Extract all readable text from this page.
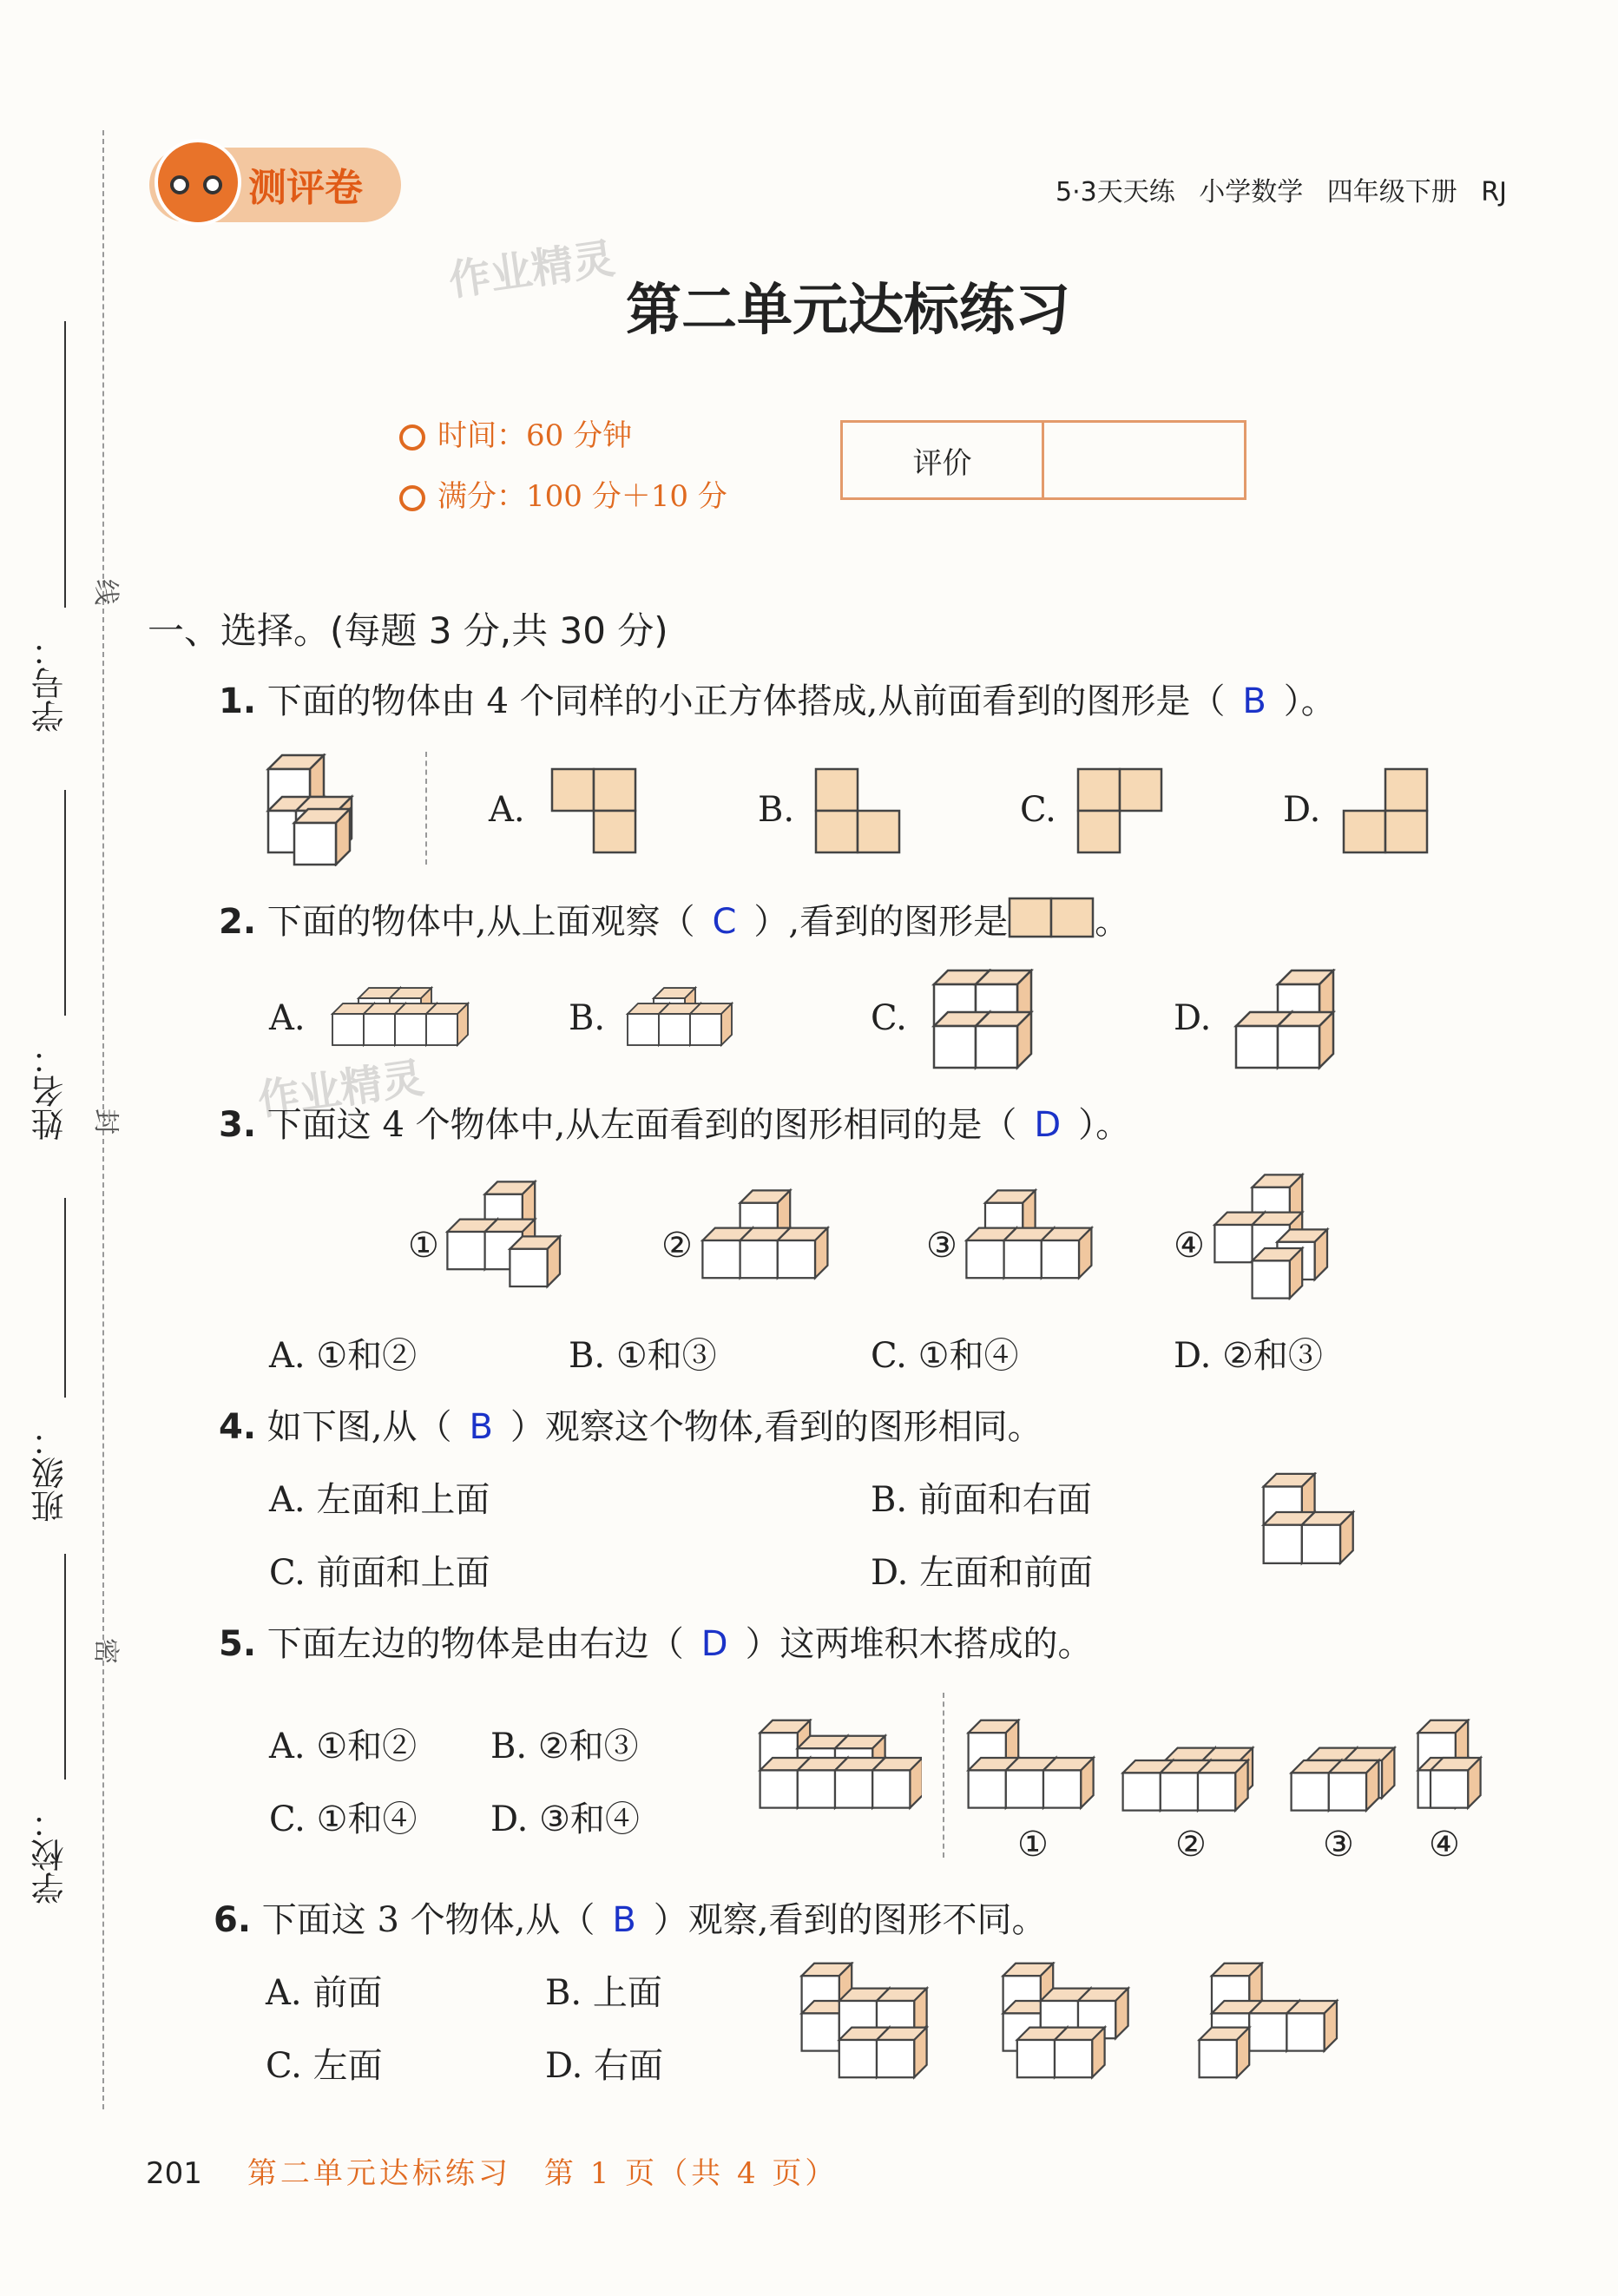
学号：
姓名：
班级：
学校：
线
封
密
测评卷	5·3天天练 小学数学 四年级下册 RJ
作业精灵
第二单元达标练习
时间：60 分钟
满分：100 分＋10 分
评价
一、选择。(每题 3 分,共 30 分)
1. 下面的物体由 4 个同样的小正方体搭成,从前面看到的图形是（ B ）。
A.	B.	C.	D.
2. 下面的物体中,从上面观察（ C ）,看到的图形是	。
A.	B.	C.	D.
作业精灵
3. 下面这 4 个物体中,从左面看到的图形相同的是（ D ）。
①	②	③	④
A. ①和②	B. ①和③	C. ①和④	D. ②和③
4. 如下图,从（ B ）观察这个物体,看到的图形相同。
A. 左面和上面	B. 前面和右面
C. 前面和上面	D. 左面和前面
5. 下面左边的物体是由右边（ D ）这两堆积木搭成的。
A. ①和② B. ②和③
C. ①和④ D. ③和④
①	②	③ ④
6. 下面这 3 个物体,从（ B ）观察,看到的图形不同。
A. 前面	B. 上面
C. 左面	D. 右面
201 第二单元达标练习　第 1 页（共 4 页）
